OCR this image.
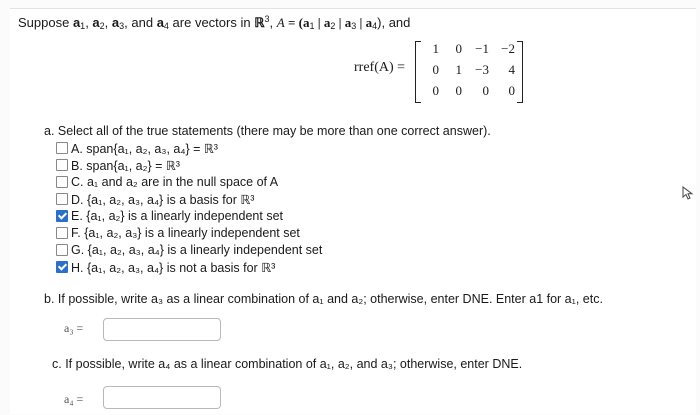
Suppose $a_1$, $a_2$, $a_3$, and $a_4$ are vectors in ℝ$^3$, $A = (a_1$ | $a_2$ | $a_3$ | $a_4$), and
rref(A) =
1	0	−1 −2
0	1	−3	4
0	0	0	0
a. Select all of the true statements (there may be more than one correct answer).
A. span{a₁, a₂, a₃, a₄} = ℝ³
B. span{a₁, a₂} = ℝ³
C. a₁ and a₂ are in the null space of A
D. {a₁, a₂, a₃, a₄} is a basis for ℝ³
E. {a₁, a₂} is a linearly independent set
F. {a₁, a₂, a₃} is a linearly independent set
G. {a₁, a₂, a₃, a₄} is a linearly independent set
H. {a₁, a₂, a₃, a₄} is not a basis for ℝ³
b. If possible, write a₃ as a linear combination of a₁ and a₂; otherwise, enter DNE. Enter a1 for a₁, etc.
a₃ =
c. If possible, write a₄ as a linear combination of a₁, a₂, and a₃; otherwise, enter DNE.
a₄ =
